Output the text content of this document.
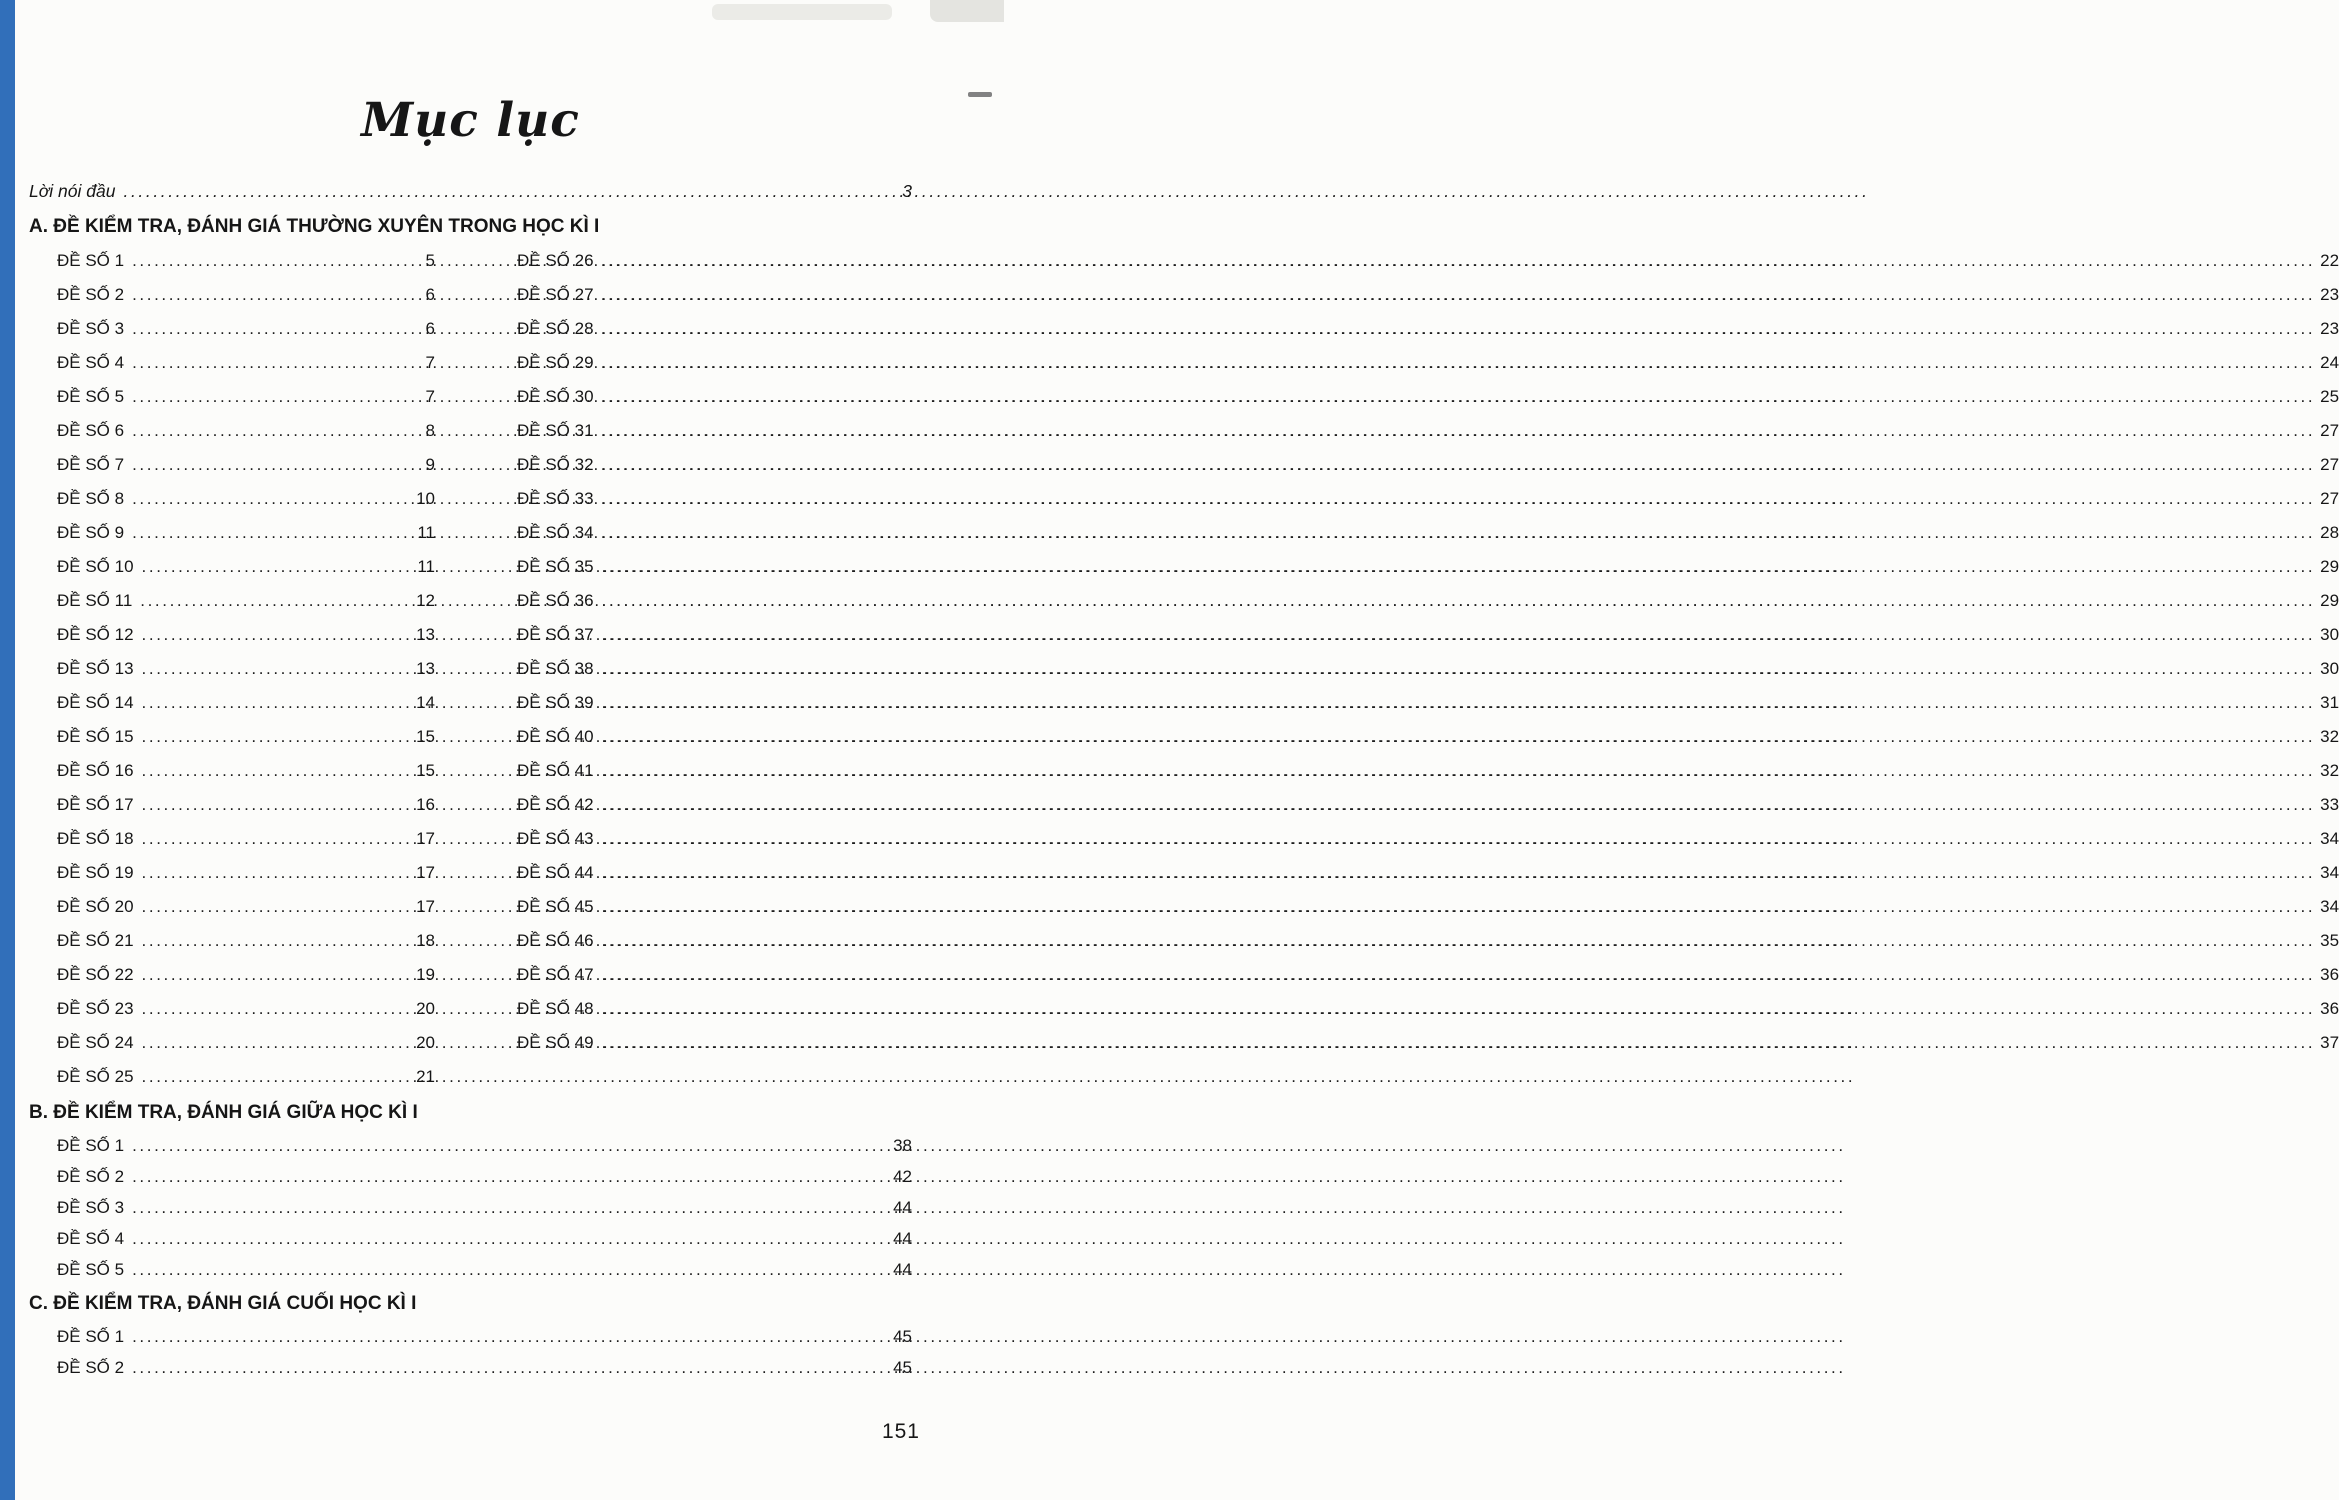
Mục lục
Lời nói đầu .....	3
A. ĐỀ KIỂM TRA, ĐÁNH GIÁ THƯỜNG XUYÊN TRONG HỌC KÌ I
ĐỀ SỐ 1 .....	5
ĐỀ SỐ 2 .....	6
ĐỀ SỐ 3 .....	6
ĐỀ SỐ 4 .....	7
ĐỀ SỐ 5 .....	7
ĐỀ SỐ 6 .....	8
ĐỀ SỐ 7 .....	9
ĐỀ SỐ 8 .....	10
ĐỀ SỐ 9 .....	11
ĐỀ SỐ 10 .....	11
ĐỀ SỐ 11 .....	12
ĐỀ SỐ 12 .....	13
ĐỀ SỐ 13 .....	13
ĐỀ SỐ 14 .....	14
ĐỀ SỐ 15 .....	15
ĐỀ SỐ 16 .....	15
ĐỀ SỐ 17 .....	16
ĐỀ SỐ 18 .....	17
ĐỀ SỐ 19 .....	17
ĐỀ SỐ 20 .....	17
ĐỀ SỐ 21 .....	18
ĐỀ SỐ 22 .....	19
ĐỀ SỐ 23 .....	20
ĐỀ SỐ 24 .....	20
ĐỀ SỐ 25 .....	21
ĐỀ SỐ 26 .....	22
ĐỀ SỐ 27 .....	23
ĐỀ SỐ 28 .....	23
ĐỀ SỐ 29 .....	24
ĐỀ SỐ 30 .....	25
ĐỀ SỐ 31 .....	27
ĐỀ SỐ 32 .....	27
ĐỀ SỐ 33 .....	27
ĐỀ SỐ 34 .....	28
ĐỀ SỐ 35 .....	29
ĐỀ SỐ 36 .....	29
ĐỀ SỐ 37 .....	30
ĐỀ SỐ 38 .....	30
ĐỀ SỐ 39 .....	31
ĐỀ SỐ 40 .....	32
ĐỀ SỐ 41 .....	32
ĐỀ SỐ 42 .....	33
ĐỀ SỐ 43 .....	34
ĐỀ SỐ 44 .....	34
ĐỀ SỐ 45 .....	34
ĐỀ SỐ 46 .....	35
ĐỀ SỐ 47 .....	36
ĐỀ SỐ 48 .....	36
ĐỀ SỐ 49 .....	37
B. ĐỀ KIỂM TRA, ĐÁNH GIÁ GIỮA HỌC KÌ I
ĐỀ SỐ 1 .....	38
ĐỀ SỐ 2 .....	42
ĐỀ SỐ 3 .....	44
ĐỀ SỐ 4 .....	44
ĐỀ SỐ 5 .....	44
C. ĐỀ KIỂM TRA, ĐÁNH GIÁ CUỐI HỌC KÌ I
ĐỀ SỐ 1 .....	45
ĐỀ SỐ 2 .....	45
151
